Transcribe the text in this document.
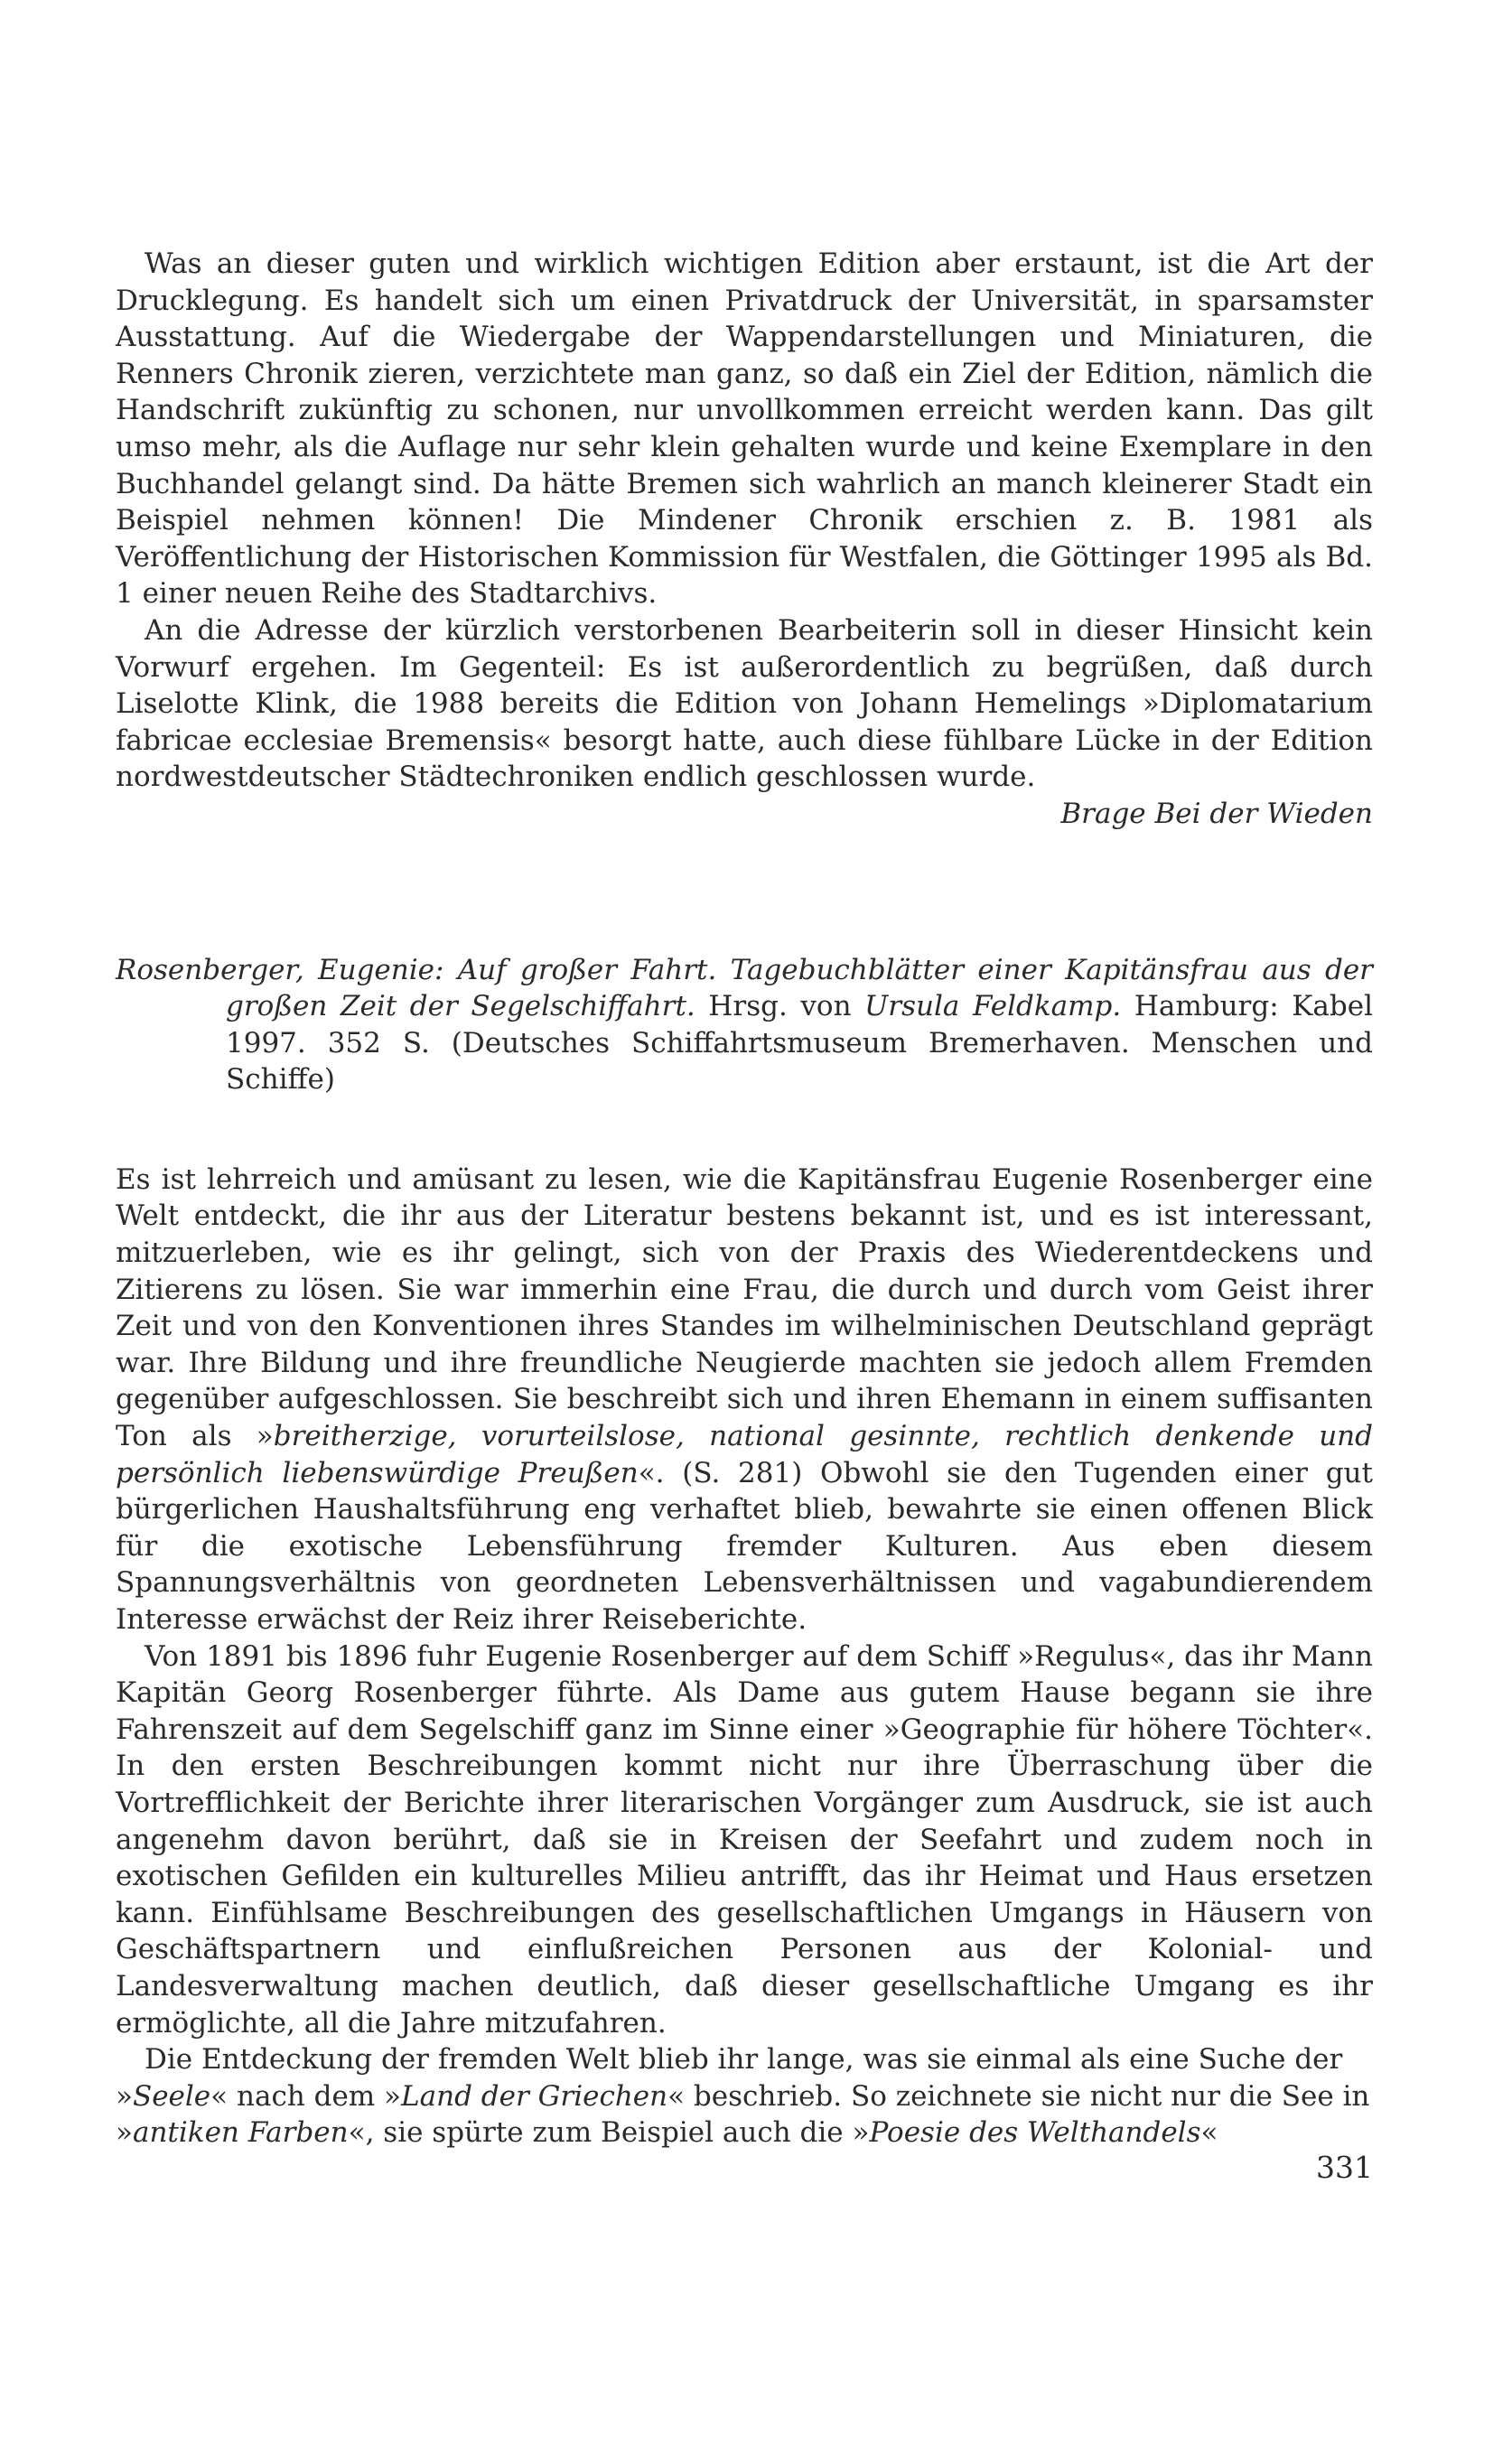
Was an dieser guten und wirklich wichtigen Edition aber erstaunt, ist die Art der Drucklegung. Es handelt sich um einen Privatdruck der Universität, in sparsamster Ausstattung. Auf die Wiedergabe der Wappendarstellungen und Miniaturen, die Renners Chronik zieren, verzichtete man ganz, so daß ein Ziel der Edition, nämlich die Handschrift zukünftig zu schonen, nur unvollkommen erreicht werden kann. Das gilt umso mehr, als die Auflage nur sehr klein gehalten wurde und keine Exemplare in den Buchhandel gelangt sind. Da hätte Bremen sich wahrlich an manch kleinerer Stadt ein Beispiel nehmen können! Die Mindener Chronik erschien z. B. 1981 als Veröffentlichung der Historischen Kommission für Westfalen, die Göttinger 1995 als Bd. 1 einer neuen Reihe des Stadtarchivs.

An die Adresse der kürzlich verstorbenen Bearbeiterin soll in dieser Hinsicht kein Vorwurf ergehen. Im Gegenteil: Es ist außerordentlich zu begrüßen, daß durch Liselotte Klink, die 1988 bereits die Edition von Johann Hemelings »Diplomatarium fabricae ecclesiae Bremensis« besorgt hatte, auch diese fühlbare Lücke in der Edition nordwestdeutscher Städtechroniken endlich geschlossen wurde.

Brage Bei der Wieden
Rosenberger, Eugenie: Auf großer Fahrt. Tagebuchblätter einer Kapitänsfrau aus der großen Zeit der Segelschiffahrt. Hrsg. von Ursula Feldkamp. Hamburg: Kabel 1997. 352 S. (Deutsches Schiffahrtsmuseum Bremerhaven. Menschen und Schiffe)

Es ist lehrreich und amüsant zu lesen, wie die Kapitänsfrau Eugenie Rosenberger eine Welt entdeckt, die ihr aus der Literatur bestens bekannt ist, und es ist interessant, mitzuerleben, wie es ihr gelingt, sich von der Praxis des Wiederentdeckens und Zitierens zu lösen. Sie war immerhin eine Frau, die durch und durch vom Geist ihrer Zeit und von den Konventionen ihres Standes im wilhelminischen Deutschland geprägt war. Ihre Bildung und ihre freundliche Neugierde machten sie jedoch allem Fremden gegenüber aufgeschlossen. Sie beschreibt sich und ihren Ehemann in einem suffisanten Ton als »breitherzige, vorurteilslose, national gesinnte, rechtlich denkende und persönlich liebenswürdige Preußen«. (S. 281) Obwohl sie den Tugenden einer gut bürgerlichen Haushaltsführung eng verhaftet blieb, bewahrte sie einen offenen Blick für die exotische Lebensführung fremder Kulturen. Aus eben diesem Spannungsverhältnis von geordneten Lebensverhältnissen und vagabundierendem Interesse erwächst der Reiz ihrer Reiseberichte.

Von 1891 bis 1896 fuhr Eugenie Rosenberger auf dem Schiff »Regulus«, das ihr Mann Kapitän Georg Rosenberger führte. Als Dame aus gutem Hause begann sie ihre Fahrenszeit auf dem Segelschiff ganz im Sinne einer »Geographie für höhere Töchter«. In den ersten Beschreibungen kommt nicht nur ihre Überraschung über die Vortrefflichkeit der Berichte ihrer literarischen Vorgänger zum Ausdruck, sie ist auch angenehm davon berührt, daß sie in Kreisen der Seefahrt und zudem noch in exotischen Gefilden ein kulturelles Milieu antrifft, das ihr Heimat und Haus ersetzen kann. Einfühlsame Beschreibungen des gesellschaftlichen Umgangs in Häusern von Geschäftspartnern und einflußreichen Personen aus der Kolonial- und Landesverwaltung machen deutlich, daß dieser gesellschaftliche Umgang es ihr ermöglichte, all die Jahre mitzufahren.

Die Entdeckung der fremden Welt blieb ihr lange, was sie einmal als eine Suche der »Seele« nach dem »Land der Griechen« beschrieb. So zeichnete sie nicht nur die See in »antiken Farben«, sie spürte zum Beispiel auch die »Poesie des Welthandels«

331
